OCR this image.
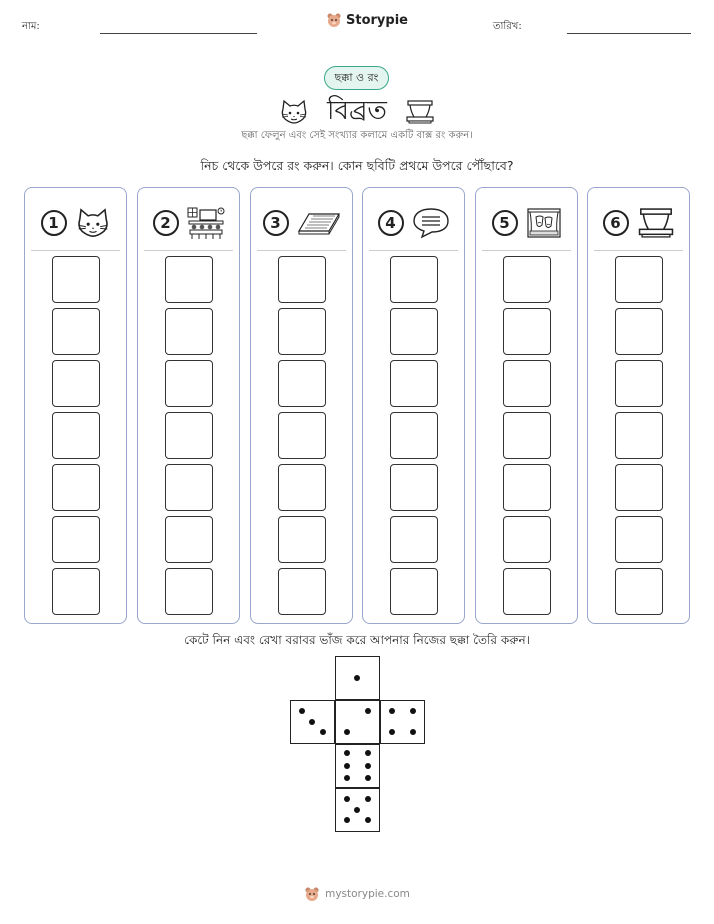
নাম:	Storypie	তারিখ:
ছক্কা ও রং
বিব্রত
ছক্কা ফেলুন এবং সেই সংখ্যার কলামে একটি বাক্স রং করুন।
নিচ থেকে উপরে রং করুন। কোন ছবিটি প্রথমে উপরে পৌঁছাবে?
1	2	3	4	5	6
কেটে নিন এবং রেখা বরাবর ভাঁজ করে আপনার নিজের ছক্কা তৈরি করুন।
mystorypie.com
